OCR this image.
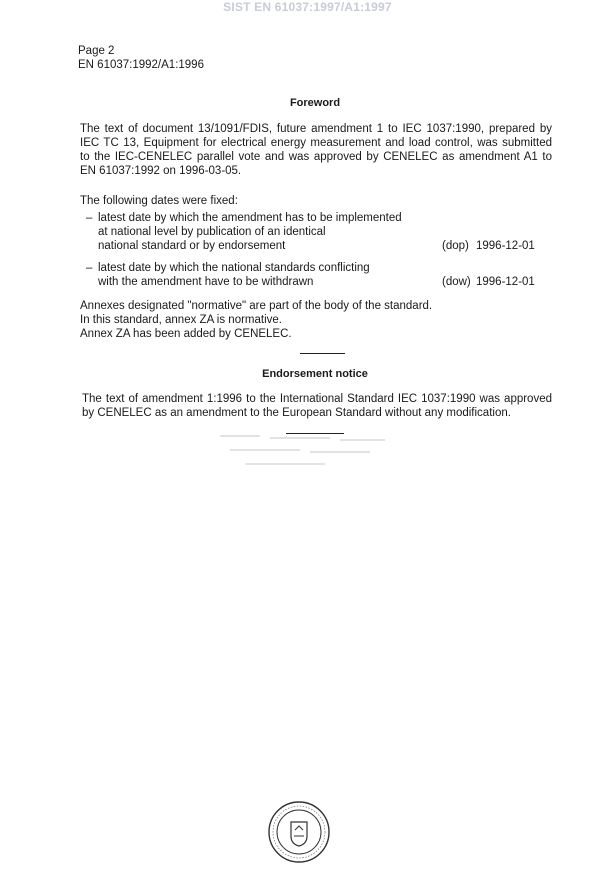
SIST EN 61037:1997/A1:1997
Page 2
EN 61037:1992/A1:1996
Foreword
The text of document 13/1091/FDIS, future amendment 1 to IEC 1037:1990, prepared by
IEC TC 13, Equipment for electrical energy measurement and load control, was submitted
to the IEC-CENELEC parallel vote and was approved by CENELEC as amendment A1 to
EN 61037:1992 on 1996-03-05.
The following dates were fixed:
– latest date by which the amendment has to be implemented
at national level by publication of an identical
national standard or by endorsement	(dop) 1996-12-01
– latest date by which the national standards conflicting
with the amendment have to be withdrawn	(dow) 1996-12-01
Annexes designated "normative" are part of the body of the standard.
In this standard, annex ZA is normative.
Annex ZA has been added by CENELEC.
Endorsement notice
The text of amendment 1:1996 to the International Standard IEC 1037:1990 was approved
by CENELEC as an amendment to the European Standard without any modification.
